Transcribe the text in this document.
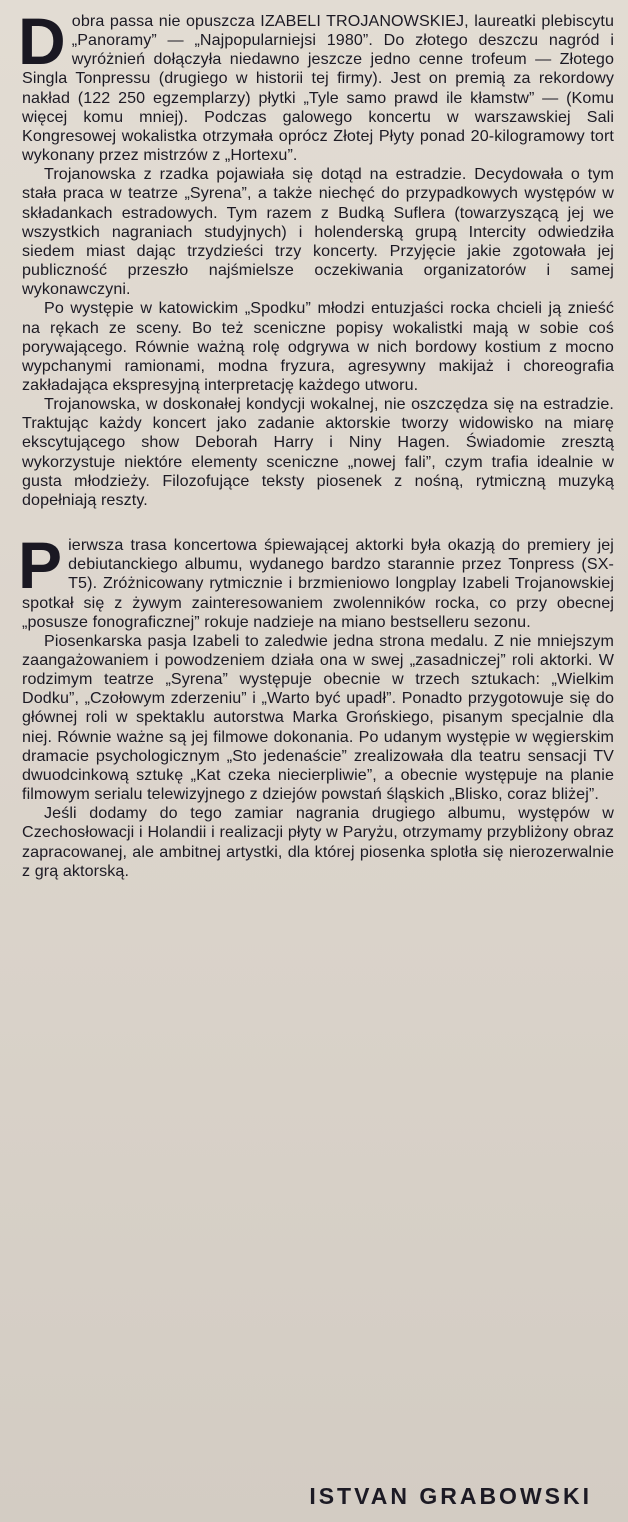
Dobra passa nie opuszcza IZABELI TROJANOWSKIEJ, laureatki plebiscytu „Panoramy” — „Najpopularniejsi 1980”. Do złotego deszczu nagród i wyróżnień dołączyła niedawno jeszcze jedno cenne trofeum — Złotego Singla Tonpressu (drugiego w historii tej firmy). Jest on premią za rekordowy nakład (122 250 egzemplarzy) płytki „Tyle samo prawd ile kłamstw” — (Komu więcej komu mniej). Podczas galowego koncertu w warszawskiej Sali Kongresowej wokalistka otrzymała oprócz Złotej Płyty ponad 20-kilogramowy tort wykonany przez mistrzów z „Hortexu”.

Trojanowska z rzadka pojawiała się dotąd na estradzie. Decydowała o tym stała praca w teatrze „Syrena”, a także niechęć do przypadkowych występów w składankach estradowych. Tym razem z Budką Suflera (towarzyszącą jej we wszystkich nagraniach studyjnych) i holenderską grupą Intercity odwiedziła siedem miast dając trzydzieści trzy koncerty. Przyjęcie jakie zgotowała jej publiczność przeszło najśmielsze oczekiwania organizatorów i samej wykonawczyni.

Po występie w katowickim „Spodku” młodzi entuzjaści rocka chcieli ją znieść na rękach ze sceny. Bo też sceniczne popisy wokalistki mają w sobie coś porywającego. Równie ważną rolę odgrywa w nich bordowy kostium z mocno wypchanymi ramionami, modna fryzura, agresywny makijaż i choreografia zakładająca ekspresyjną interpretację każdego utworu.

Trojanowska, w doskonałej kondycji wokalnej, nie oszczędza się na estradzie. Traktując każdy koncert jako zadanie aktorskie tworzy widowisko na miarę ekscytującego show Deborah Harry i Niny Hagen. Świadomie zresztą wykorzystuje niektóre elementy sceniczne „nowej fali”, czym trafia idealnie w gusta młodzieży. Filozofujące teksty piosenek z nośną, rytmiczną muzyką dopełniają reszty.

Pierwsza trasa koncertowa śpiewającej aktorki była okazją do premiery jej debiutanckiego albumu, wydanego bardzo starannie przez Tonpress (SX-T5). Zróżnicowany rytmicznie i brzmieniowo longplay Izabeli Trojanowskiej spotkał się z żywym zainteresowaniem zwolenników rocka, co przy obecnej „posusze fonograficznej” rokuje nadzieje na miano bestselleru sezonu.

Piosenkarska pasja Izabeli to zaledwie jedna strona medalu. Z nie mniejszym zaangażowaniem i powodzeniem działa ona w swej „zasadniczej” roli aktorki. W rodzimym teatrze „Syrena” występuje obecnie w trzech sztukach: „Wielkim Dodku”, „Czołowym zderzeniu” i „Warto być upadł”. Ponadto przygotowuje się do głównej roli w spektaklu autorstwa Marka Grońskiego, pisanym specjalnie dla niej. Równie ważne są jej filmowe dokonania. Po udanym występie w węgierskim dramacie psychologicznym „Sto jedenaście” zrealizowała dla teatru sensacji TV dwuodcinkową sztukę „Kat czeka niecierpliwie”, a obecnie występuje na planie filmowym serialu telewizyjnego z dziejów powstań śląskich „Blisko, coraz bliżej”.

Jeśli dodamy do tego zamiar nagrania drugiego albumu, występów w Czechosłowacji i Holandii i realizacji płyty w Paryżu, otrzymamy przybliżony obraz zapracowanej, ale ambitnej artystki, dla której piosenka splotła się nierozerwalnie z grą aktorską.

ISTVAN GRABOWSKI
